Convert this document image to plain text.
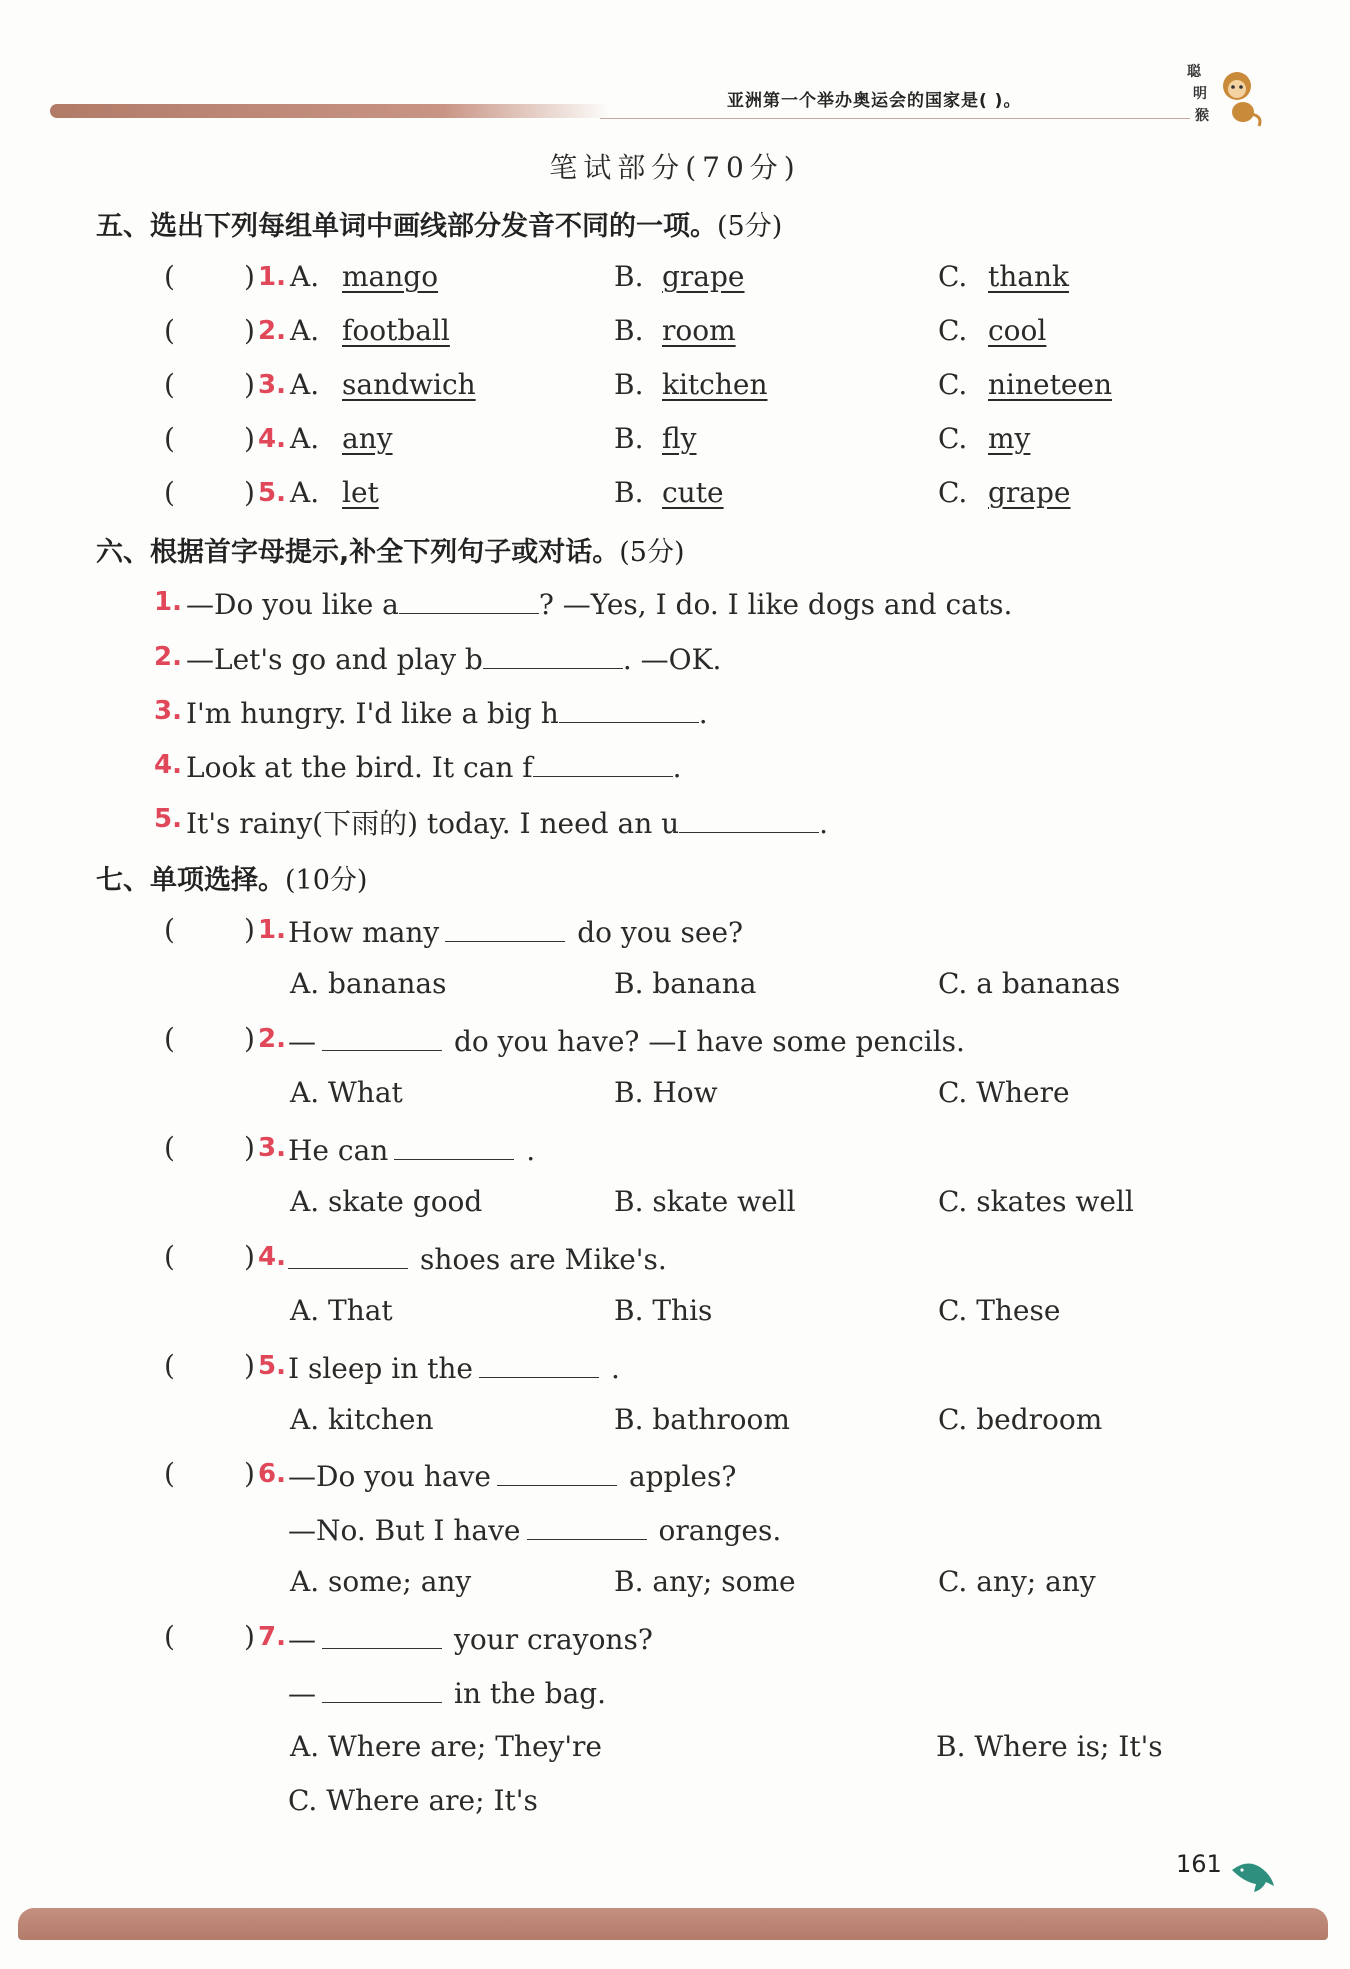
亚洲第一个举办奥运会的国家是( )。
聪
明
猴
笔试部分(70分)
五、选出下列每组单词中画线部分发音不同的一项。(5分)
( ) 1. A. mango	B. grape	C. thank
( ) 2. A. football	B. room	C. cool
( ) 3. A. sandwich	B. kitchen	C. nineteen
( ) 4. A. any	B. fly	C. my
( ) 5. A. let	B. cute	C. grape
六、根据首字母提示,补全下列句子或对话。(5分)
1. —Do you like a	? —Yes, I do. I like dogs and cats.
2. —Let's go and play b	. —OK.
3. I'm hungry. I'd like a big h	.
4. Look at the bird. It can f	.
5. It's rainy(下雨的) today. I need an u	.
七、单项选择。(10分)
( ) 1. How many	do you see?
A. bananas	B. banana	C. a bananas
( ) 2. —	do you have? —I have some pencils.
A. What	B. How	C. Where
( ) 3. He can	.
A. skate good	B. skate well	C. skates well
( ) 4.	shoes are Mike's.
A. That	B. This	C. These
( ) 5. I sleep in the	.
A. kitchen	B. bathroom	C. bedroom
( ) 6. —Do you have	apples?
—No. But I have	oranges.
A. some; any	B. any; some	C. any; any
( ) 7. —	your crayons?
—	in the bag.
A. Where are; They're	B. Where is; It's
C. Where are; It's
161
